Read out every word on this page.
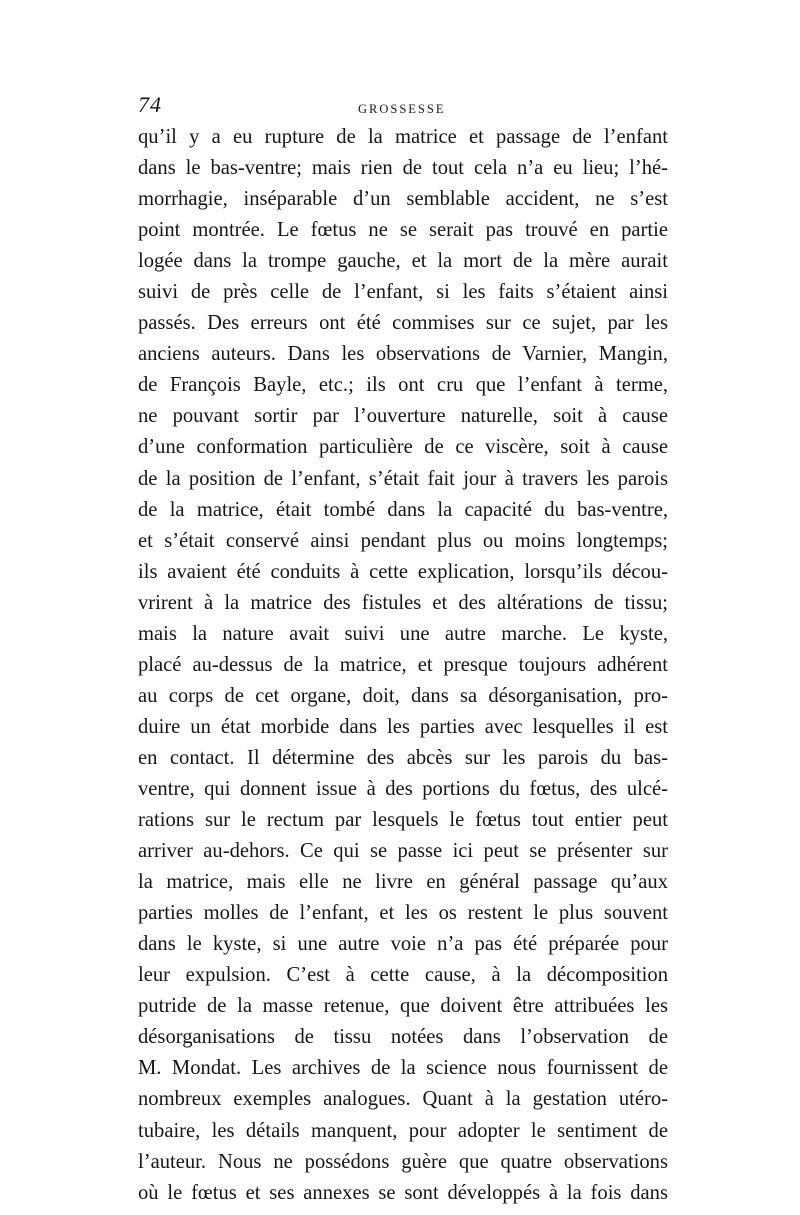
74	GROSSESSE
qu’il y a eu rupture de la matrice et passage de l’enfant
dans le bas-ventre; mais rien de tout cela n’a eu lieu; l’hé-
morrhagie, inséparable d’un semblable accident, ne s’est
point montrée. Le fœtus ne se serait pas trouvé en partie
logée dans la trompe gauche, et la mort de la mère aurait
suivi de près celle de l’enfant, si les faits s’étaient ainsi
passés. Des erreurs ont été commises sur ce sujet, par les
anciens auteurs. Dans les observations de Varnier, Mangin,
de François Bayle, etc.; ils ont cru que l’enfant à terme,
ne pouvant sortir par l’ouverture naturelle, soit à cause
d’une conformation particulière de ce viscère, soit à cause
de la position de l’enfant, s’était fait jour à travers les parois
de la matrice, était tombé dans la capacité du bas-ventre,
et s’était conservé ainsi pendant plus ou moins longtemps;
ils avaient été conduits à cette explication, lorsqu’ils décou-
vrirent à la matrice des fistules et des altérations de tissu;
mais la nature avait suivi une autre marche. Le kyste,
placé au-dessus de la matrice, et presque toujours adhérent
au corps de cet organe, doit, dans sa désorganisation, pro-
duire un état morbide dans les parties avec lesquelles il est
en contact. Il détermine des abcès sur les parois du bas-
ventre, qui donnent issue à des portions du fœtus, des ulcé-
rations sur le rectum par lesquels le fœtus tout entier peut
arriver au-dehors. Ce qui se passe ici peut se présenter sur
la matrice, mais elle ne livre en général passage qu’aux
parties molles de l’enfant, et les os restent le plus souvent
dans le kyste, si une autre voie n’a pas été préparée pour
leur expulsion. C’est à cette cause, à la décomposition
putride de la masse retenue, que doivent être attribuées les
désorganisations de tissu notées dans l’observation de
M. Mondat. Les archives de la science nous fournissent de
nombreux exemples analogues. Quant à la gestation utéro-
tubaire, les détails manquent, pour adopter le sentiment de
l’auteur. Nous ne possédons guère que quatre observations
où le fœtus et ses annexes se sont développés à la fois dans
